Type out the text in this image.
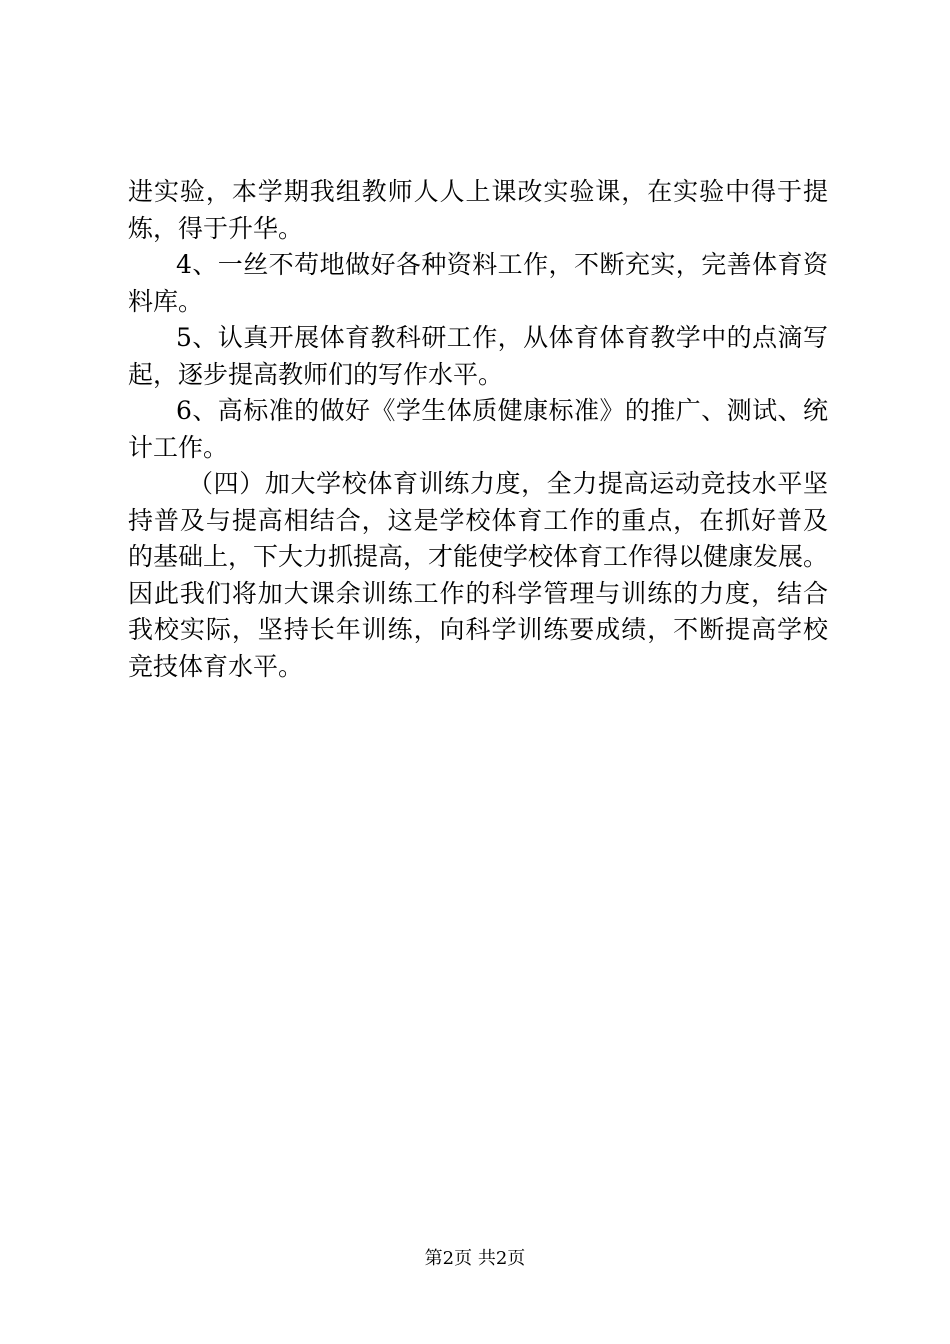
进实验，本学期我组教师人人上课改实验课，在实验中得于提
炼，得于升华。
4、一丝不苟地做好各种资料工作，不断充实，完善体育资
料库。
5、认真开展体育教科研工作，从体育体育教学中的点滴写
起，逐步提高教师们的写作水平。
6、高标准的做好《学生体质健康标准》的推广、测试、统
计工作。
（四）加大学校体育训练力度，全力提高运动竞技水平坚
持普及与提高相结合，这是学校体育工作的重点，在抓好普及
的基础上，下大力抓提高，才能使学校体育工作得以健康发展。
因此我们将加大课余训练工作的科学管理与训练的力度，结合
我校实际，坚持长年训练，向科学训练要成绩，不断提高学校
竞技体育水平。
第2页 共2页
